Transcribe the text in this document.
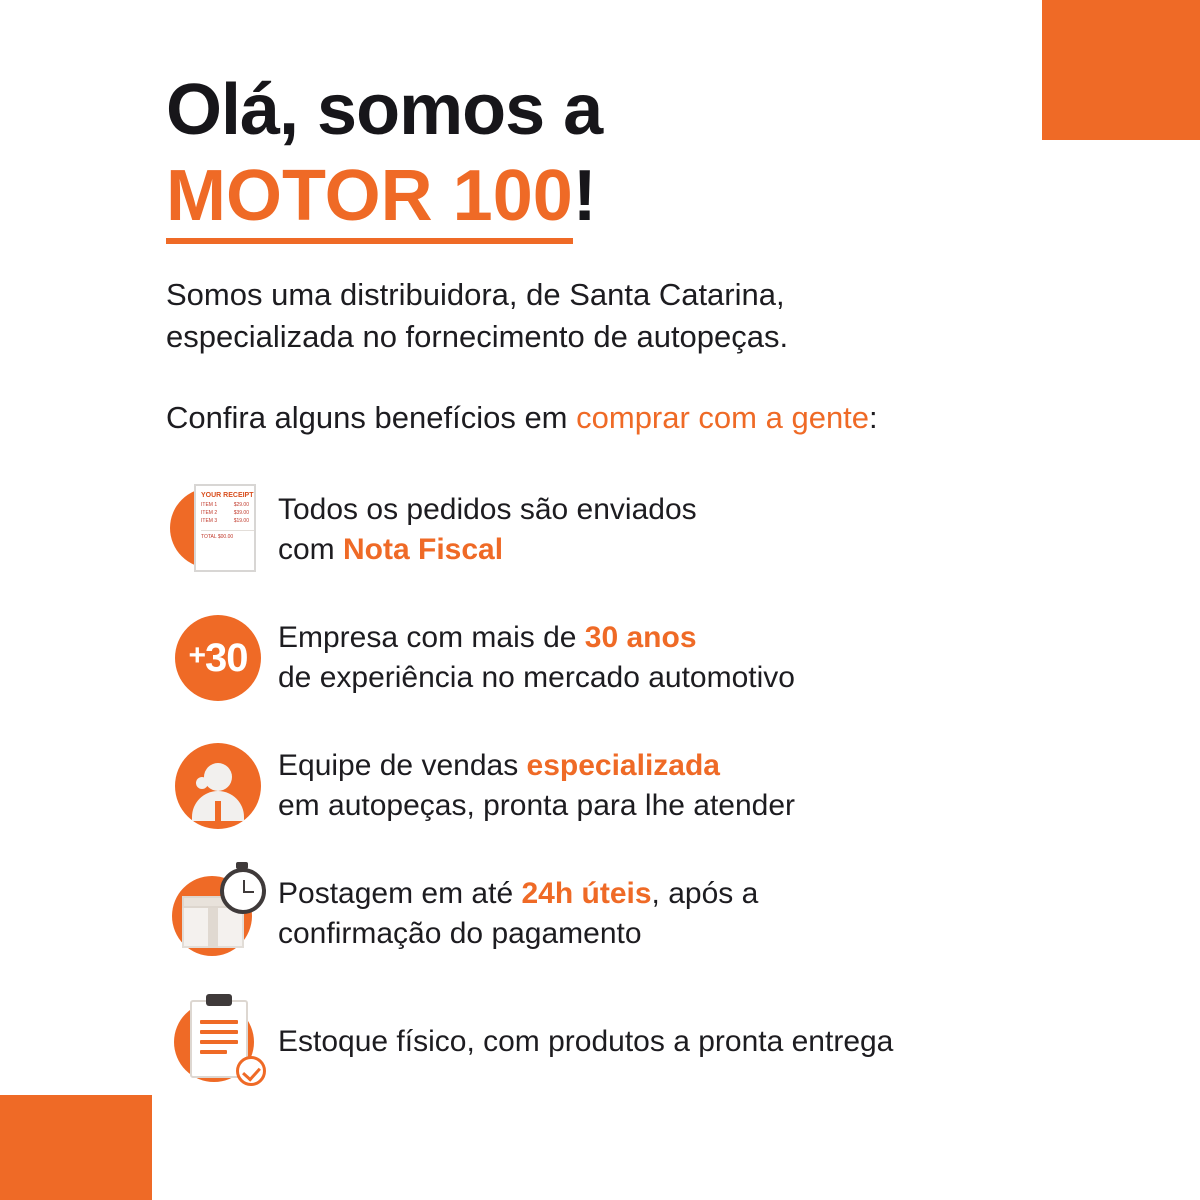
Olá, somos a
MOTOR 100!

Somos uma distribuidora, de Santa Catarina,
especializada no fornecimento de autopeças.

Confira alguns benefícios em comprar com a gente:

YOUR RECEIPT
ITEM 1	$29.00
ITEM 2	$39.00
ITEM 3	$19.00
TOTAL $00.00
Todos os pedidos são enviados
com Nota Fiscal
+30 Empresa com mais de 30 anos
de experiência no mercado automotivo
Equipe de vendas especializada
em autopeças, pronta para lhe atender
Postagem em até 24h úteis, após a
confirmação do pagamento
Estoque físico, com produtos a pronta entrega
